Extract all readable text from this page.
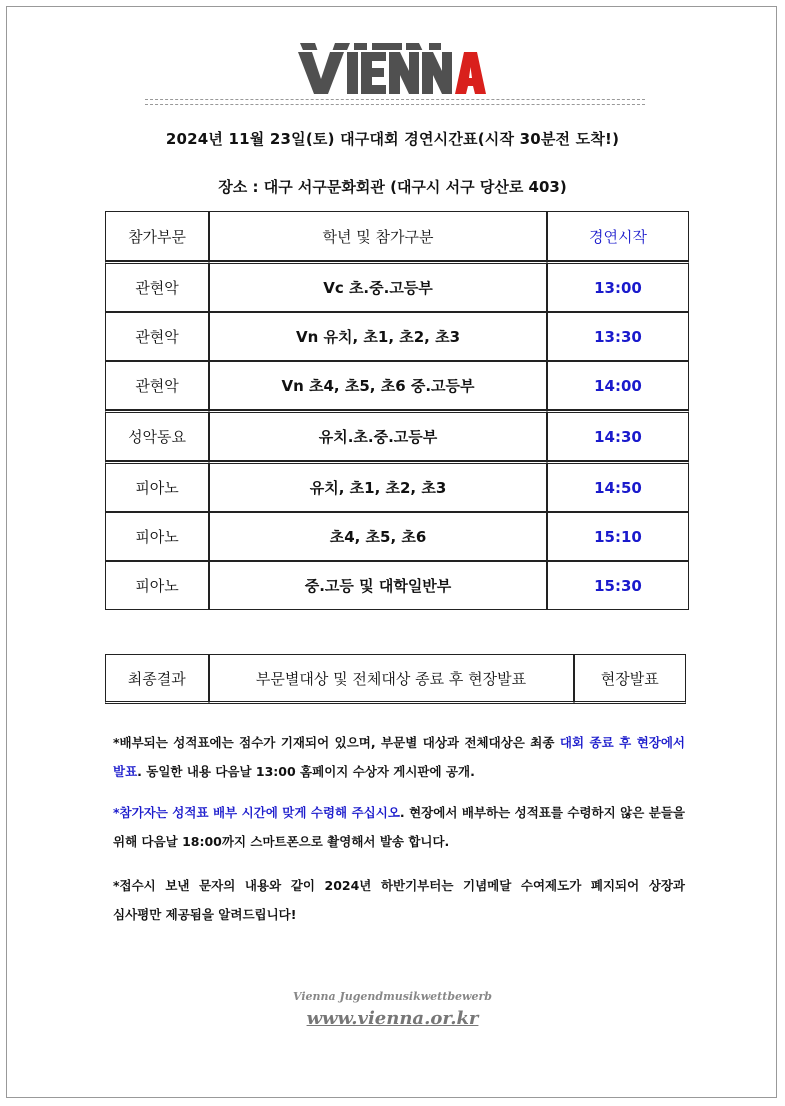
2024년 11월 23일(토) 대구대회 경연시간표(시작 30분전 도착!)
장소 : 대구 서구문화회관 (대구시 서구 당산로 403)
참가부문	학년 및 참가구분	경연시작
관현악	Vc 초.중.고등부	13:00
관현악	Vn 유치, 초1, 초2, 초3	13:30
관현악	Vn 초4, 초5, 초6 중.고등부	14:00
성악동요	유치.초.중.고등부	14:30
피아노	유치, 초1, 초2, 초3	14:50
피아노	초4, 초5, 초6	15:10
피아노	중.고등 및 대학일반부	15:30
최종결과	부문별대상 및 전체대상 종료 후 현장발표	현장발표
*배부되는 성적표에는 점수가 기재되어 있으며, 부문별 대상과 전체대상은 최종 대회 종료 후 현장에서 발표. 동일한 내용 다음날 13:00 홈페이지 수상자 게시판에 공개.
*참가자는 성적표 배부 시간에 맞게 수령해 주십시오. 현장에서 배부하는 성적표를 수령하지 않은 분들을 위해 다음날 18:00까지 스마트폰으로 촬영해서 발송 합니다.
*접수시 보낸 문자의 내용와 같이 2024년 하반기부터는 기념메달 수여제도가 폐지되어 상장과 심사평만 제공됨을 알려드립니다!
Vienna Jugendmusikwettbewerb
www.vienna.or.kr
